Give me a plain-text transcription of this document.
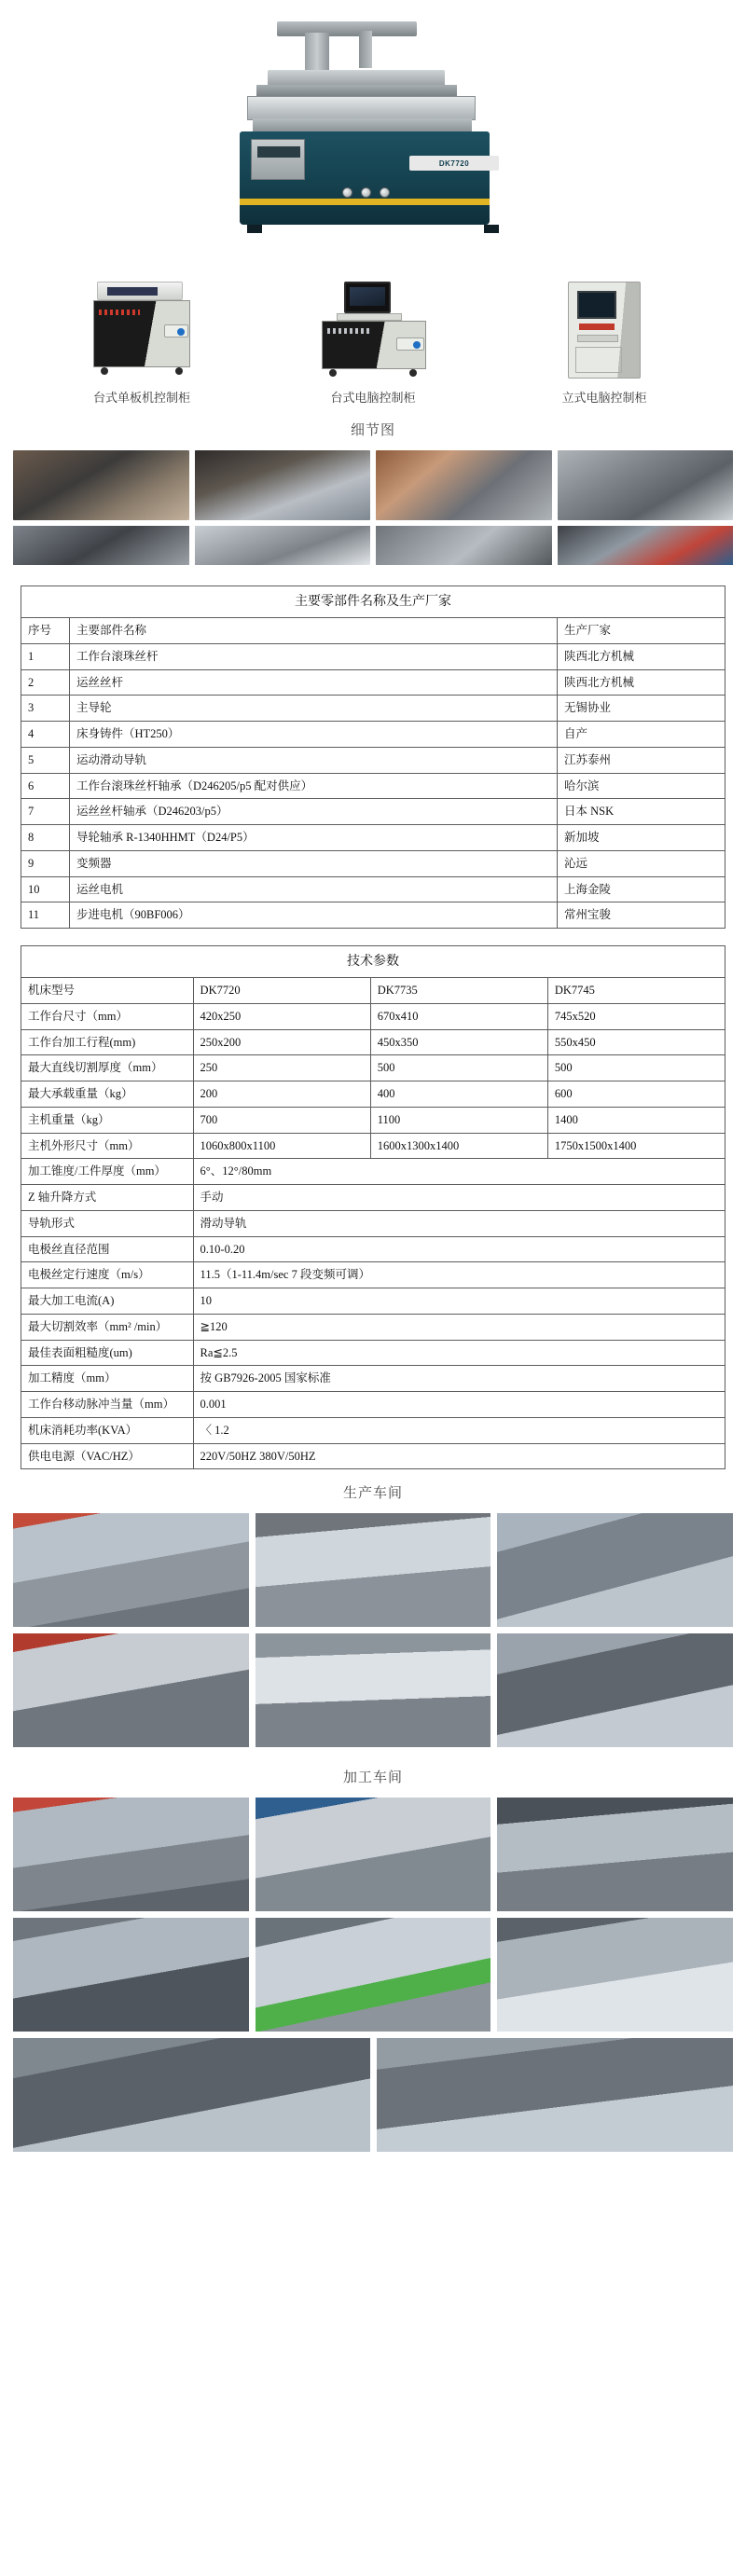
DK7720
台式单板机控制柜	台式电脑控制柜	立式电脑控制柜
细节图
主要零部件名称及生产厂家		
序号	主要部件名称	生产厂家
1	工作台滚珠丝杆	陕西北方机械
2	运丝丝杆	陕西北方机械
3	主导轮	无锡协业
4	床身铸件（HT250）	自产
5	运动滑动导轨	江苏泰州
6	工作台滚珠丝杆轴承（D246205/p5 配对供应）	哈尔滨
7	运丝丝杆轴承（D246203/p5）	日本 NSK
8	导轮轴承 R-1340HHMT（D24/P5）	新加坡
9	变频器	沁远
10	运丝电机	上海金陵
11	步进电机（90BF006）	常州宝骏
技术参数			
机床型号	DK7720	DK7735	DK7745
工作台尺寸（mm）	420x250	670x410	745x520
工作台加工行程(mm)	250x200	450x350	550x450
最大直线切割厚度（mm）	250	500	500
最大承载重量（kg）	200	400	600
主机重量（kg）	700	1100	1400
主机外形尺寸（mm）	1060x800x1100	1600x1300x1400	1750x1500x1400
加工锥度/工件厚度（mm）	6°、12°/80mm		
Z 轴升降方式	手动		
导轨形式	滑动导轨		
电极丝直径范围	0.10-0.20		
电极丝定行速度（m/s）	11.5（1-11.4m/sec 7 段变频可调）		
最大加工电流(A)	10		
最大切割效率（mm² /min）	≧120		
最佳表面粗糙度(um)	Ra≦2.5		
加工精度（mm）	按 GB7926-2005 国家标准		
工作台移动脉冲当量（mm）	0.001		
机床消耗功率(KVA）	〈 1.2		
供电电源（VAC/HZ）	220V/50HZ 380V/50HZ		
生产车间
加工车间
